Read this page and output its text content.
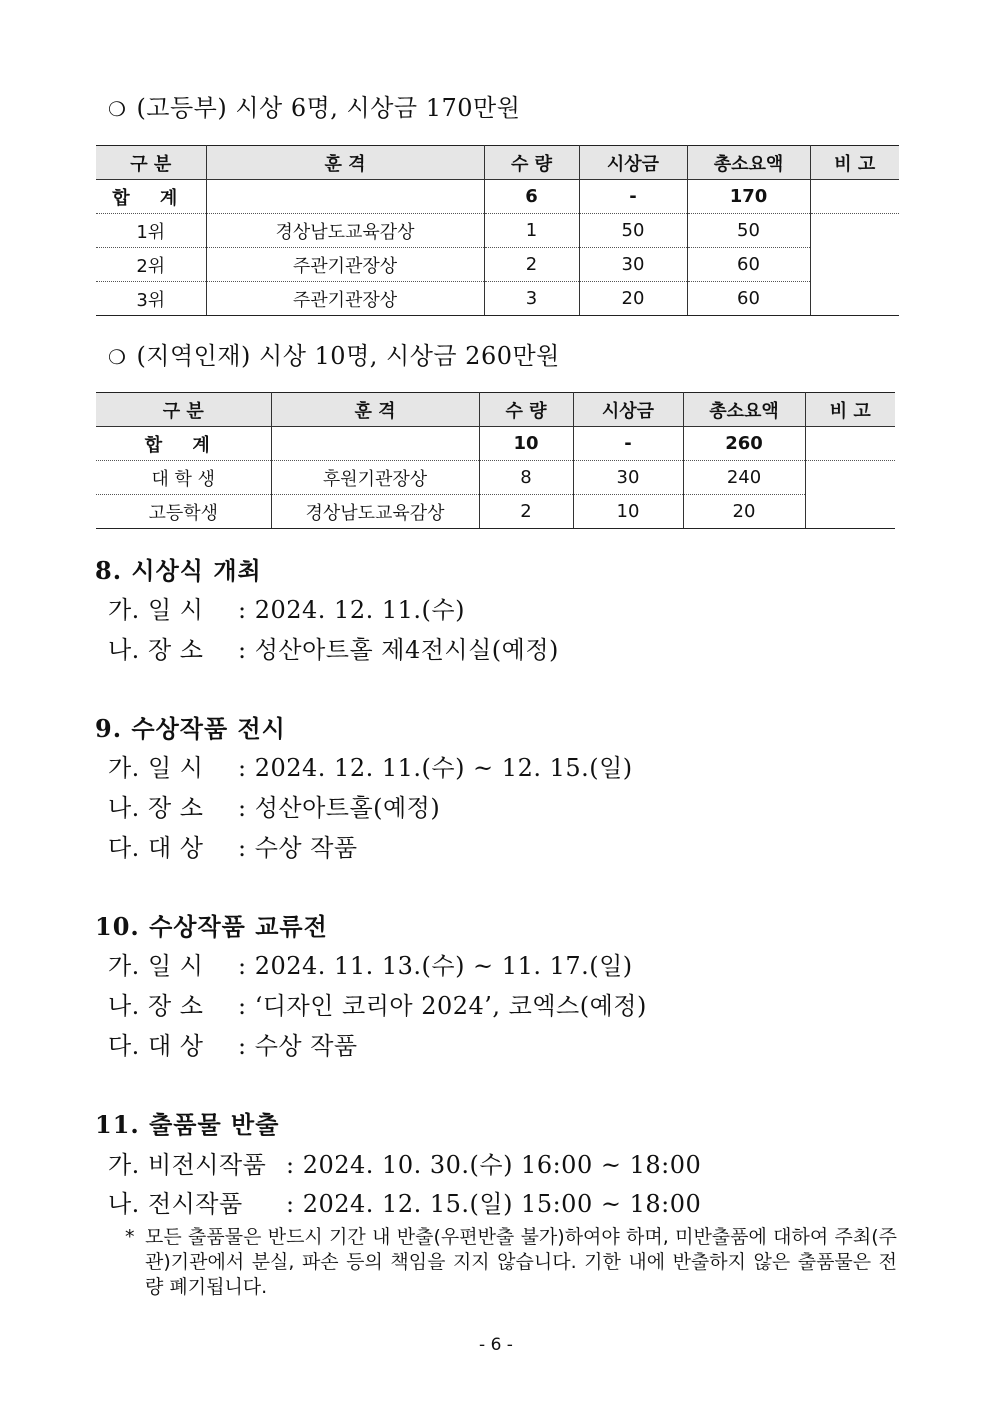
❍ (고등부) 시상 6명, 시상금 170만원
구 분	훈 격	수 량	시상금	총소요액	비 고
합 계		6	-	170	
1위	경상남도교육감상	1	50	50	
2위	주관기관장상	2	30	60	
3위	주관기관장상	3	20	60	
❍ (지역인재) 시상 10명, 시상금 260만원
구 분	훈 격	수 량	시상금	총소요액	비 고
합 계		10	-	260	
대 학 생	후원기관장상	8	30	240	
고등학생	경상남도교육감상	2	10	20	
8. 시상식 개최
가. 일 시 : 2024. 12. 11.(수)
나. 장 소 : 성산아트홀 제4전시실(예정)
9. 수상작품 전시
가. 일 시 : 2024. 12. 11.(수) ~ 12. 15.(일)
나. 장 소 : 성산아트홀(예정)
다. 대 상 : 수상 작품
10. 수상작품 교류전
가. 일 시 : 2024. 11. 13.(수) ~ 11. 17.(일)
나. 장 소 : ‘디자인 코리아 2024’, 코엑스(예정)
다. 대 상 : 수상 작품
11. 출품물 반출
가. 비전시작품 : 2024. 10. 30.(수) 16:00 ~ 18:00
나. 전시작품 : 2024. 12. 15.(일) 15:00 ~ 18:00
* 모든 출품물은 반드시 기간 내 반출(우편반출 불가)하여야 하며, 미반출품에 대하여 주최(주관)기관에서 분실, 파손 등의 책임을 지지 않습니다. 기한 내에 반출하지 않은 출품물은 전량 폐기됩니다.
- 6 -
